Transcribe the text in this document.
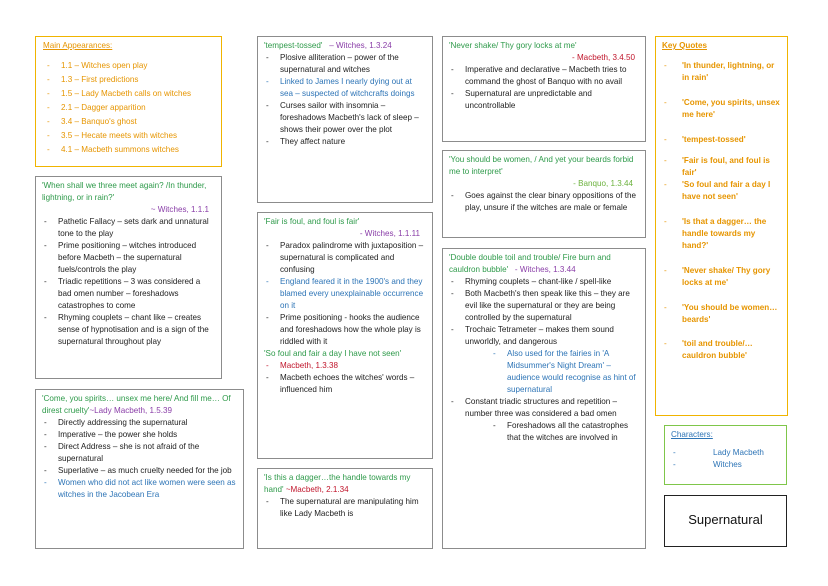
Main Appearances:
- 1.1 – Witches open play
- 1.3 – First predictions
- 1.5 – Lady Macbeth calls on witches
- 2.1 – Dagger apparition
- 3.4 – Banquo's ghost
- 3.5 – Hecate meets with witches
- 4.1 – Macbeth summons witches
'When shall we three meet again? /In thunder, lightning, or in rain?'
~ Witches, 1.1.1
- Pathetic Fallacy – sets dark and unnatural tone to the play
- Prime positioning – witches introduced before Macbeth – the supernatural fuels/controls the play
- Triadic repetitions – 3 was considered a bad omen number – foreshadows catastrophes to come
- Rhyming couplets – chant like – creates sense of hypnotisation and is a sign of the supernatural throughout play
'Come, you spirits… unsex me here/ And fill me… Of direst cruelty'~Lady Macbeth, 1.5.39
- Directly addressing the supernatural
- Imperative – the power she holds
- Direct Address – she is not afraid of the supernatural
- Superlative – as much cruelty needed for the job
- Women who did not act like women were seen as witches in the Jacobean Era
'tempest-tossed' – Witches, 1.3.24
- Plosive alliteration – power of the supernatural and witches
- Linked to James I nearly dying out at sea – suspected of witchcrafts doings
- Curses sailor with insomnia – foreshadows Macbeth's lack of sleep – shows their power over the plot
- They affect nature
'Fair is foul, and foul is fair'
- Witches, 1.1.11
- Paradox palindrome with juxtaposition – supernatural is complicated and confusing
- England feared it in the 1900's and they blamed every unexplainable occurrence on it
- Prime positioning - hooks the audience and foreshadows how the whole play is riddled with it
'So foul and fair a day I have not seen'
- Macbeth, 1.3.38
- Macbeth echoes the witches' words – influenced him
'Is this a dagger…the handle towards my hand' ~Macbeth, 2.1.34
- The supernatural are manipulating him like Lady Macbeth is
'Never shake/ Thy gory locks at me'
- Macbeth, 3.4.50
- Imperative and declarative – Macbeth tries to command the ghost of Banquo with no avail
- Supernatural are unpredictable and uncontrollable
'You should be women, / And yet your beards forbid me to interpret'
- Banquo, 1.3.44
- Goes against the clear binary oppositions of the play, unsure if the witches are male or female
'Double double toil and trouble/ Fire burn and cauldron bubble' - Witches, 1.3.44
- Rhyming couplets – chant-like / spell-like
- Both Macbeth's then speak like this – they are evil like the supernatural or they are being controlled by the supernatural
- Trochaic Tetrameter – makes them sound unworldly, and dangerous
- Also used for the fairies in 'A Midsummer's Night Dream' – audience would recognise as hint of supernatural
- Constant triadic structures and repetition – number three was considered a bad omen
- Foreshadows all the catastrophes that the witches are involved in
Key Quotes

- 'In thunder, lightning, or in rain'

- 'Come, you spirits, unsex me here'

- 'tempest-tossed'

- 'Fair is foul, and foul is fair'

- 'So foul and fair a day I have not seen'

- 'Is that a dagger… the handle towards my hand?'

- 'Never shake/ Thy gory locks at me'

- 'You should be women… beards'

- 'toil and trouble/… cauldron bubble'

Characters:
- Lady Macbeth
- Witches
Supernatural
